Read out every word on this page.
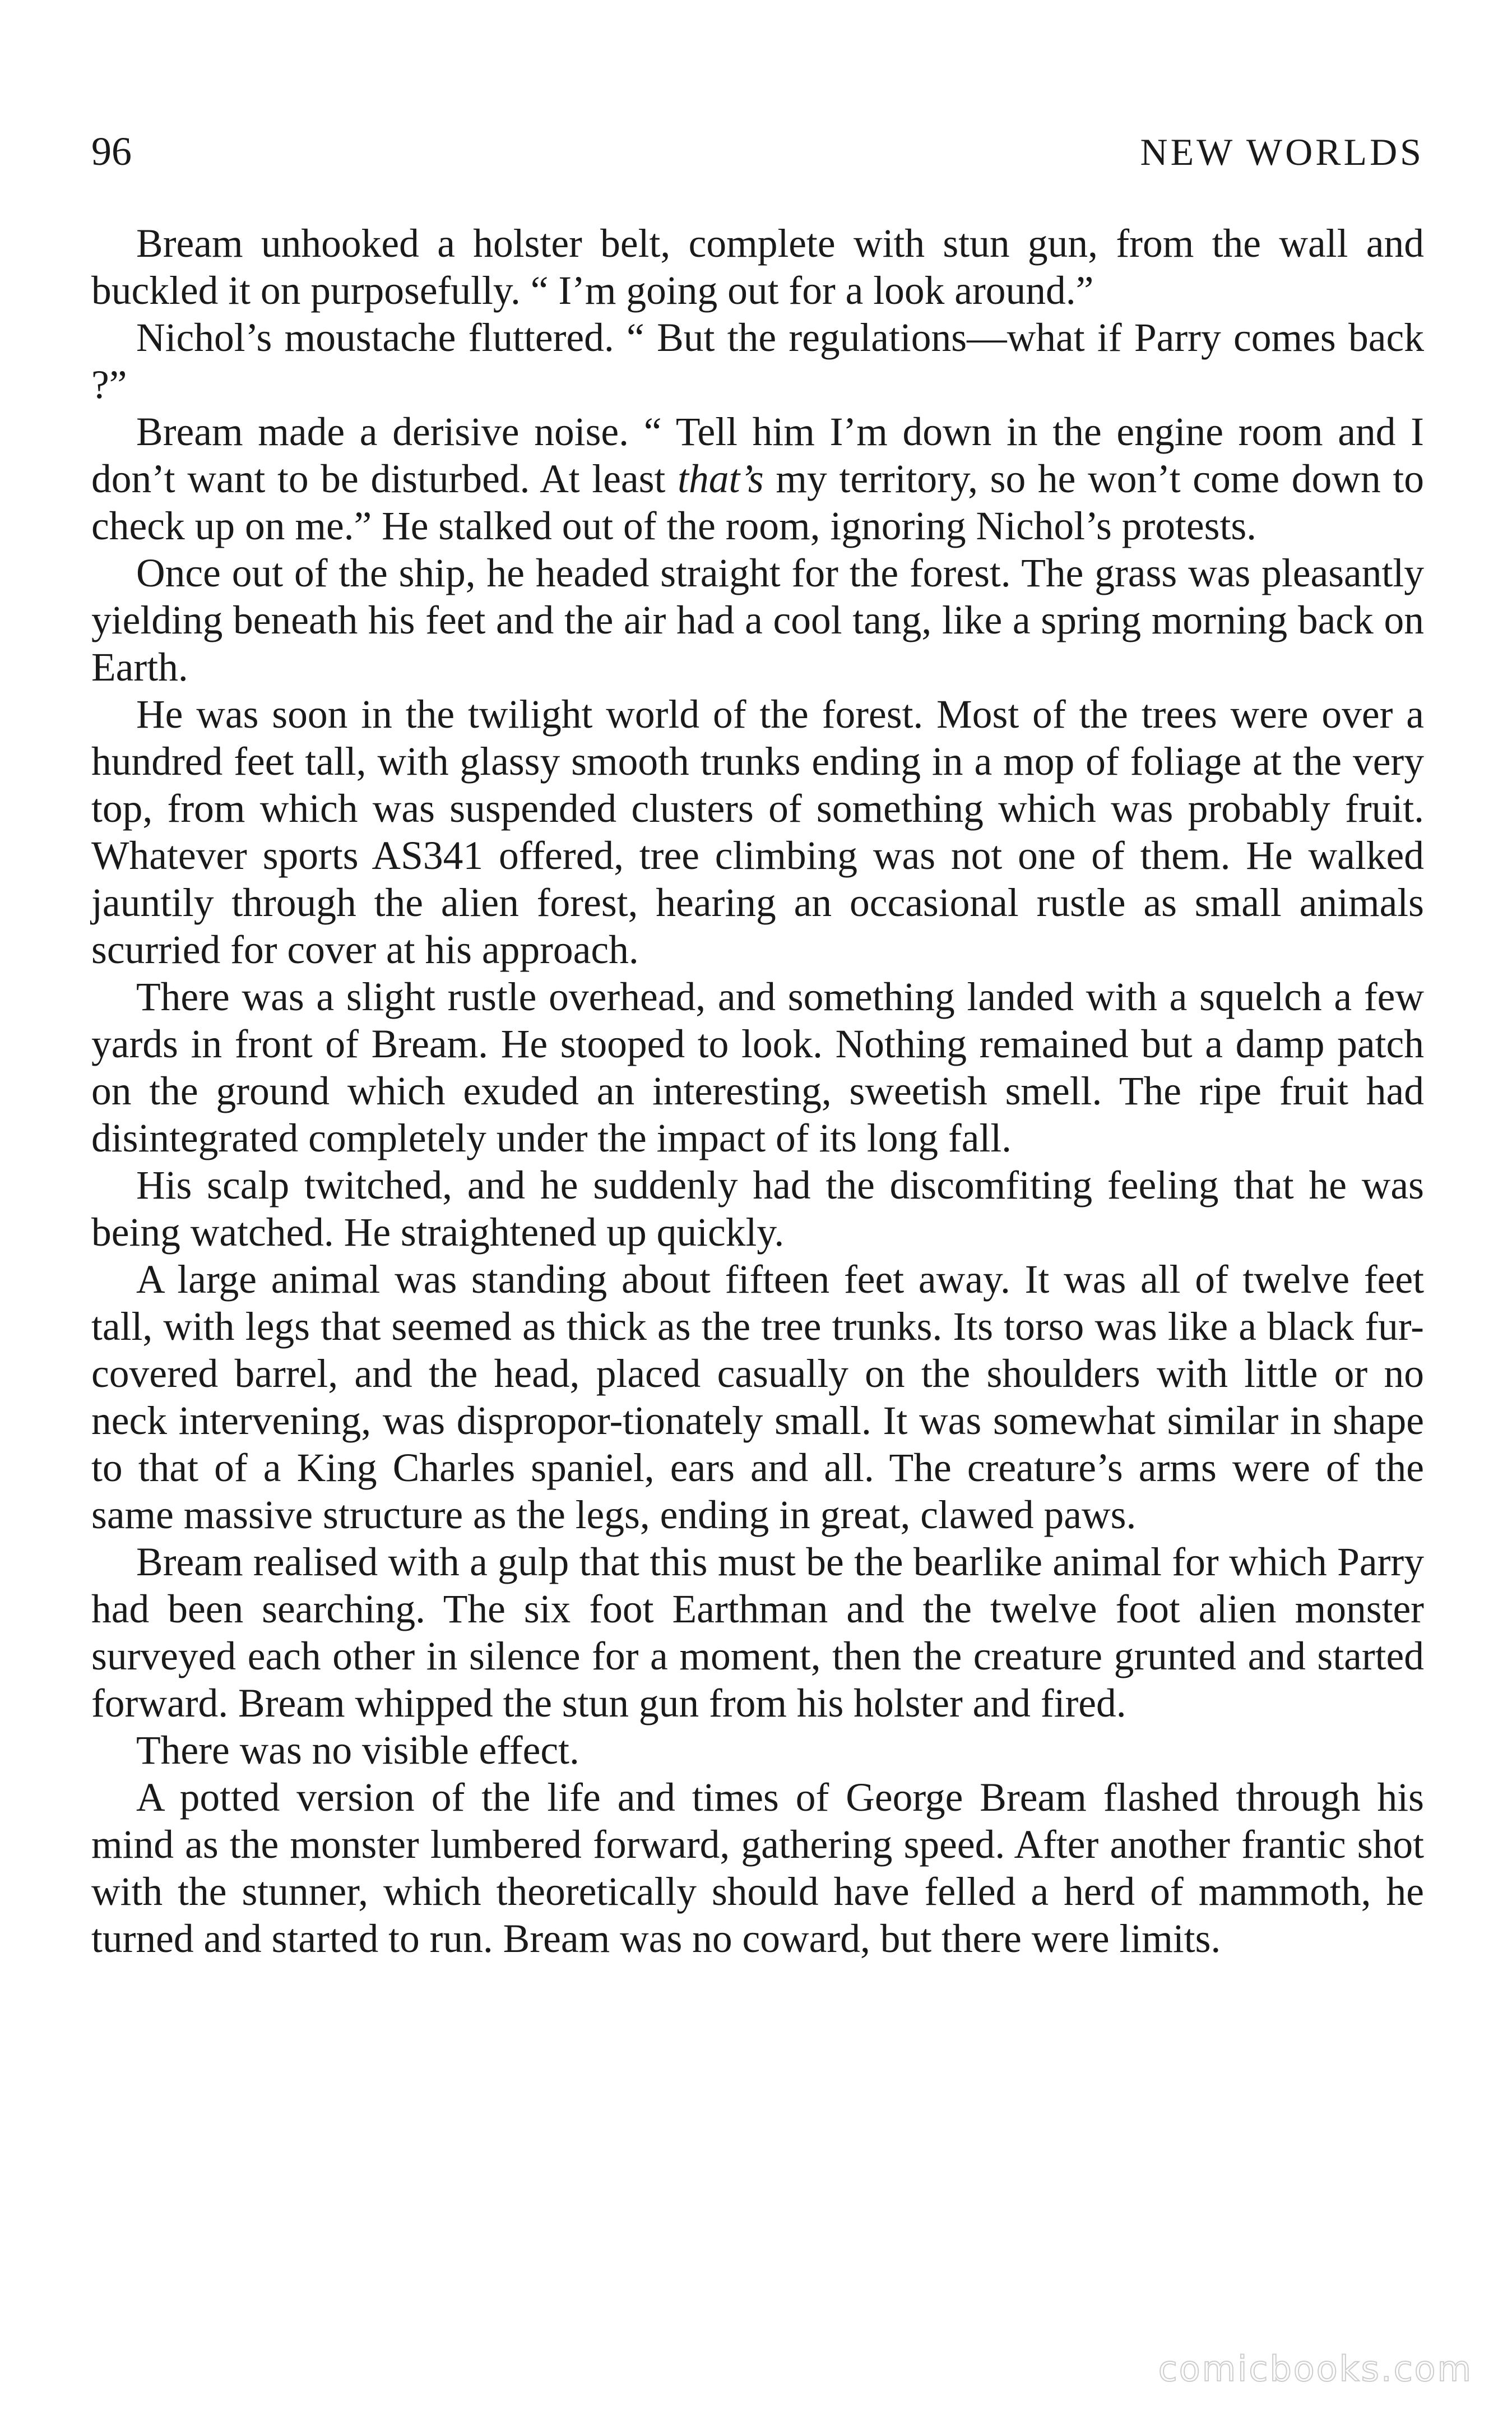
96	NEW WORLDS

Bream unhooked a holster belt, complete with stun gun, from the wall and buckled it on purposefully. “ I’m going out for a look around.”

Nichol’s moustache fluttered. “ But the regulations—what if Parry comes back ?”

Bream made a derisive noise. “ Tell him I’m down in the engine room and I don’t want to be disturbed. At least that’s my territory, so he won’t come down to check up on me.” He stalked out of the room, ignoring Nichol’s protests.

Once out of the ship, he headed straight for the forest. The grass was pleasantly yielding beneath his feet and the air had a cool tang, like a spring morning back on Earth.

He was soon in the twilight world of the forest. Most of the trees were over a hundred feet tall, with glassy smooth trunks ending in a mop of foliage at the very top, from which was suspended clusters of something which was probably fruit. Whatever sports AS341 offered, tree climbing was not one of them. He walked jauntily through the alien forest, hearing an occasional rustle as small animals scurried for cover at his approach.

There was a slight rustle overhead, and something landed with a squelch a few yards in front of Bream. He stooped to look. Nothing remained but a damp patch on the ground which exuded an interesting, sweetish smell. The ripe fruit had disintegrated completely under the impact of its long fall.

His scalp twitched, and he suddenly had the discomfiting feeling that he was being watched. He straightened up quickly.

A large animal was standing about fifteen feet away. It was all of twelve feet tall, with legs that seemed as thick as the tree trunks. Its torso was like a black fur-covered barrel, and the head, placed casually on the shoulders with little or no neck intervening, was dispropor-tionately small. It was somewhat similar in shape to that of a King Charles spaniel, ears and all. The creature’s arms were of the same massive structure as the legs, ending in great, clawed paws.

Bream realised with a gulp that this must be the bearlike animal for which Parry had been searching. The six foot Earthman and the twelve foot alien monster surveyed each other in silence for a moment, then the creature grunted and started forward. Bream whipped the stun gun from his holster and fired.

There was no visible effect.

A potted version of the life and times of George Bream flashed through his mind as the monster lumbered forward, gathering speed. After another frantic shot with the stunner, which theoretically should have felled a herd of mammoth, he turned and started to run. Bream was no coward, but there were limits.

comicbooks.com
